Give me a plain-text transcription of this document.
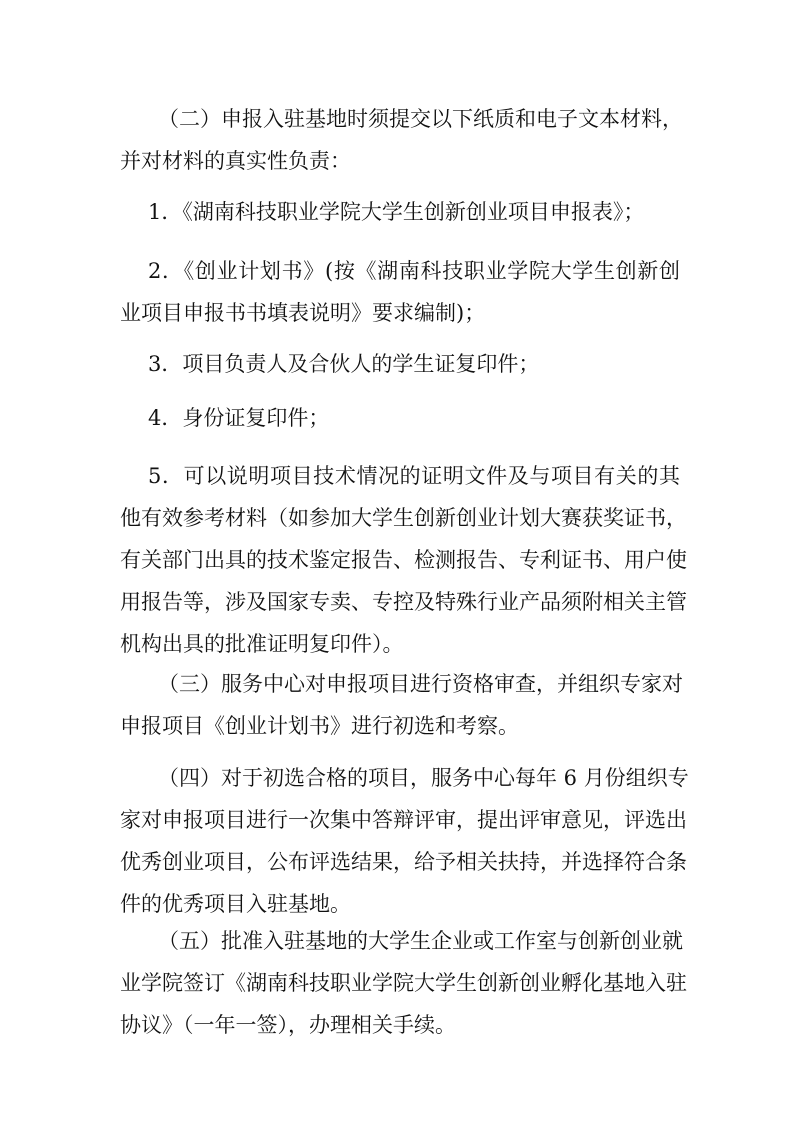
（二）申报入驻基地时须提交以下纸质和电子文本材料，
并对材料的真实性负责：
1．《湖南科技职业学院大学生创新创业项目申报表》；
2．《创业计划书》(按《湖南科技职业学院大学生创新创
业项目申报书书填表说明》要求编制)；
3．项目负责人及合伙人的学生证复印件；
4．身份证复印件；
5．可以说明项目技术情况的证明文件及与项目有关的其
他有效参考材料（如参加大学生创新创业计划大赛获奖证书，
有关部门出具的技术鉴定报告、检测报告、专利证书、用户使
用报告等，涉及国家专卖、专控及特殊行业产品须附相关主管
机构出具的批准证明复印件）。
（三）服务中心对申报项目进行资格审查，并组织专家对
申报项目《创业计划书》进行初选和考察。
（四）对于初选合格的项目，服务中心每年 6 月份组织专
家对申报项目进行一次集中答辩评审，提出评审意见，评选出
优秀创业项目，公布评选结果，给予相关扶持，并选择符合条
件的优秀项目入驻基地。
（五）批准入驻基地的大学生企业或工作室与创新创业就
业学院签订《湖南科技职业学院大学生创新创业孵化基地入驻
协议》（一年一签），办理相关手续。
